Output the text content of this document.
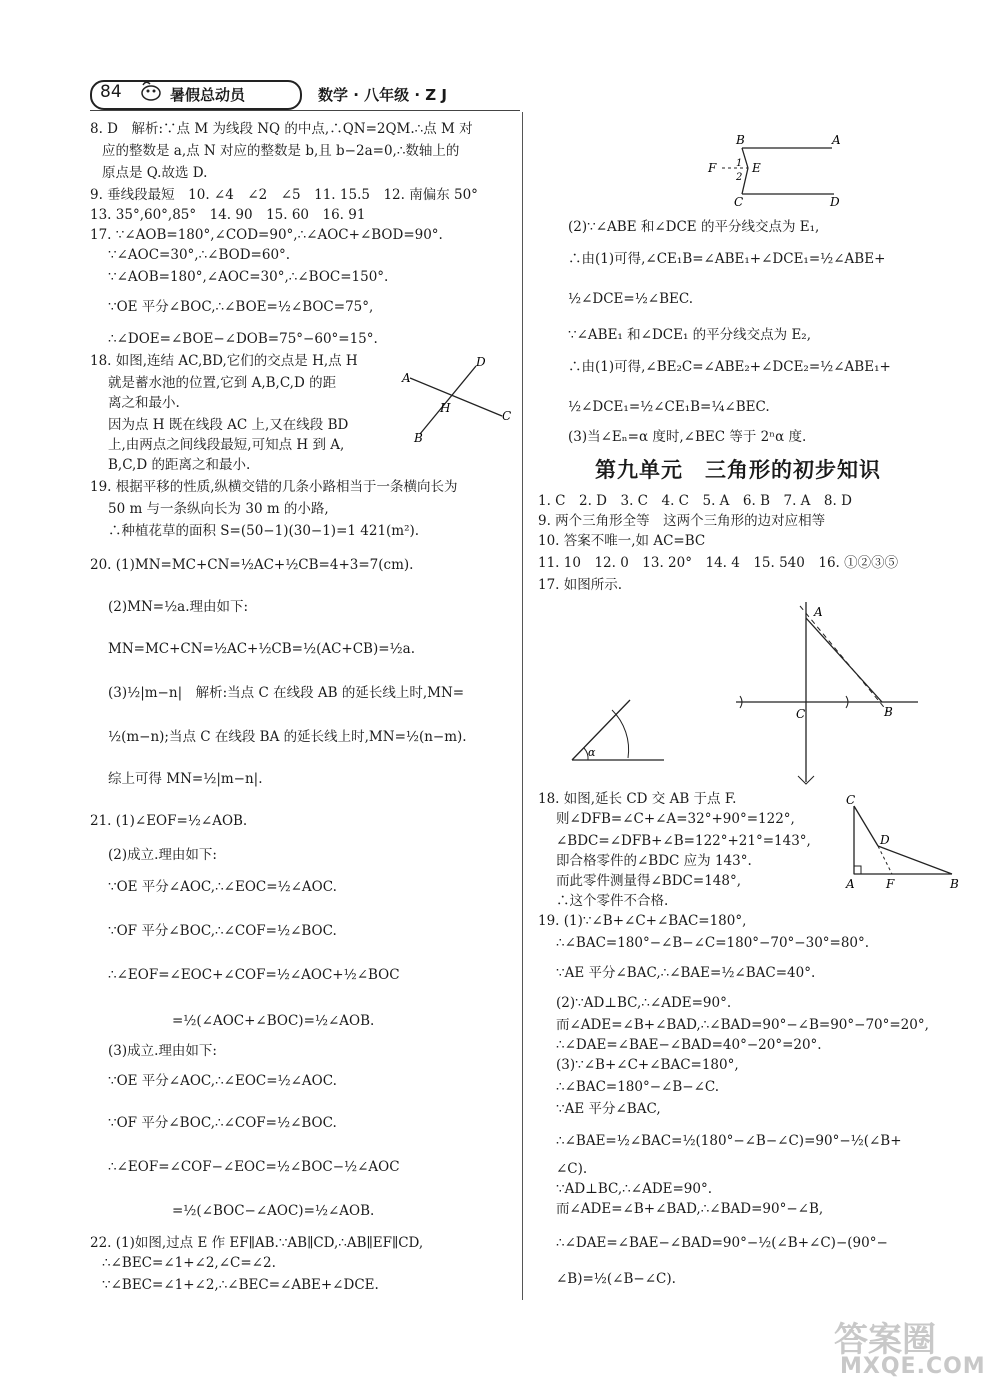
84	暑假总动员	数学 · 八年级 · Z J
8. D　解析:∵点 M 为线段 NQ 的中点,∴QN=2QM.∴点 M 对
应的整数是 a,点 N 对应的整数是 b,且 b−2a=0,∴数轴上的
原点是 Q.故选 D.
9. 垂线段最短　10. ∠4　∠2　∠5　11. 15.5　12. 南偏东 50°
13. 35°,60°,85°　14. 90　15. 60　16. 91
17. ∵∠AOB=180°,∠COD=90°,∴∠AOC+∠BOD=90°.
∵∠AOC=30°,∴∠BOD=60°.
∵∠AOB=180°,∠AOC=30°,∴∠BOC=150°.
∵OE 平分∠BOC,∴∠BOE=½∠BOC=75°,
∴∠DOE=∠BOE−∠DOB=75°−60°=15°.
18. 如图,连结 AC,BD,它们的交点是 H,点 H
就是蓄水池的位置,它到 A,B,C,D 的距
离之和最小.
因为点 H 既在线段 AC 上,又在线段 BD
上,由两点之间线段最短,可知点 H 到 A,
B,C,D 的距离之和最小.
19. 根据平移的性质,纵横交错的几条小路相当于一条横向长为
50 m 与一条纵向长为 30 m 的小路,
∴种植花草的面积 S=(50−1)(30−1)=1 421(m²).
20. (1)MN=MC+CN=½AC+½CB=4+3=7(cm).
(2)MN=½a.理由如下:
MN=MC+CN=½AC+½CB=½(AC+CB)=½a.
(3)½|m−n|　解析:当点 C 在线段 AB 的延长线上时,MN=
½(m−n);当点 C 在线段 BA 的延长线上时,MN=½(n−m).
综上可得 MN=½|m−n|.
21. (1)∠EOF=½∠AOB.
(2)成立.理由如下:
∵OE 平分∠AOC,∴∠EOC=½∠AOC.
∵OF 平分∠BOC,∴∠COF=½∠BOC.
∴∠EOF=∠EOC+∠COF=½∠AOC+½∠BOC
=½(∠AOC+∠BOC)=½∠AOB.
(3)成立.理由如下:
∵OE 平分∠AOC,∴∠EOC=½∠AOC.
∵OF 平分∠BOC,∴∠COF=½∠BOC.
∴∠EOF=∠COF−∠EOC=½∠BOC−½∠AOC
=½(∠BOC−∠AOC)=½∠AOB.
22. (1)如图,过点 E 作 EF∥AB.∵AB∥CD,∴AB∥EF∥CD,
∴∠BEC=∠1+∠2,∠C=∠2.
∵∠BEC=∠1+∠2,∴∠BEC=∠ABE+∠DCE.
A
B
C
D
H
B	A
F 1
2
E
C	D
(2)∵∠ABE 和∠DCE 的平分线交点为 E₁,
∴由(1)可得,∠CE₁B=∠ABE₁+∠DCE₁=½∠ABE+
½∠DCE=½∠BEC.
∵∠ABE₁ 和∠DCE₁ 的平分线交点为 E₂,
∴由(1)可得,∠BE₂C=∠ABE₂+∠DCE₂=½∠ABE₁+
½∠DCE₁=½∠CE₁B=¼∠BEC.
(3)当∠Eₙ=α 度时,∠BEC 等于 2ⁿα 度.
第九单元　三角形的初步知识
1. C　2. D　3. C　4. C　5. A　6. B　7. A　8. D
9. 两个三角形全等　这两个三角形的边对应相等
10. 答案不唯一,如 AC=BC
11. 10　12. 0　13. 20°　14. 4　15. 540　16. ①②③⑤
17. 如图所示.
α
A
B
C
18. 如图,延长 CD 交 AB 于点 F.
则∠DFB=∠C+∠A=32°+90°=122°,
∠BDC=∠DFB+∠B=122°+21°=143°,
即合格零件的∠BDC 应为 143°.
而此零件测量得∠BDC=148°,
∴这个零件不合格.
C
D
A	F	B
19. (1)∵∠B+∠C+∠BAC=180°,
∴∠BAC=180°−∠B−∠C=180°−70°−30°=80°.
∵AE 平分∠BAC,∴∠BAE=½∠BAC=40°.
(2)∵AD⊥BC,∴∠ADE=90°.
而∠ADE=∠B+∠BAD,∴∠BAD=90°−∠B=90°−70°=20°,
∴∠DAE=∠BAE−∠BAD=40°−20°=20°.
(3)∵∠B+∠C+∠BAC=180°,
∴∠BAC=180°−∠B−∠C.
∵AE 平分∠BAC,
∴∠BAE=½∠BAC=½(180°−∠B−∠C)=90°−½(∠B+
∠C).
∵AD⊥BC,∴∠ADE=90°.
而∠ADE=∠B+∠BAD,∴∠BAD=90°−∠B,
∴∠DAE=∠BAE−∠BAD=90°−½(∠B+∠C)−(90°−
∠B)=½(∠B−∠C).
答案圈
MXQE.COM
